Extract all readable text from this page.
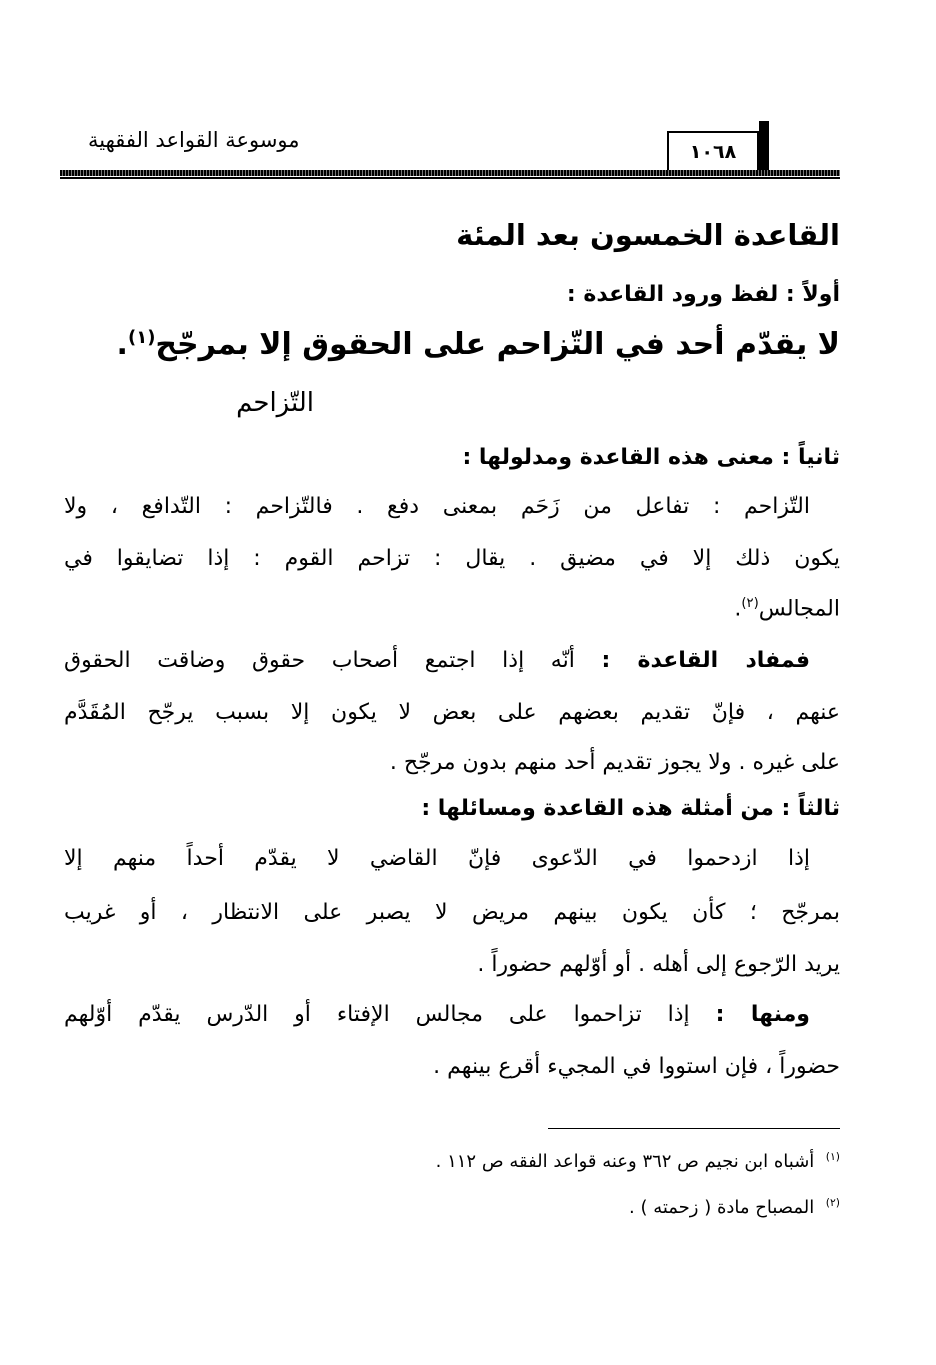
موسوعة القواعد الفقهية	١٠٦٨
القاعدة الخمسون بعد المئة
أولاً : لفظ ورود القاعدة :
لا يقدّم أحد في التّزاحم على الحقوق إلا بمرجّح$^{(١)}$.
التّزاحم
ثانياً : معنى هذه القاعدة ومدلولها :
التّزاحم : تفاعل من زَحَم بمعنى دفع . فالتّزاحم : التّدافع ، ولا
يكون ذلك إلا في مضيق . يقال : تزاحم القوم : إذا تضايقوا في
المجالس$^{(٢)}$.
فمفاد القاعدة : أنّه إذا اجتمع أصحاب حقوق وضاقت الحقوق
عنهم ، فإنّ تقديم بعضهم على بعض لا يكون إلا بسبب يرجّح المُقَدَّم
على غيره . ولا يجوز تقديم أحد منهم بدون مرجّح .
ثالثاً : من أمثلة هذه القاعدة ومسائلها :
إذا ازدحموا في الدّعوى فإنّ القاضي لا يقدّم أحداً منهم إلا
بمرجّح ؛ كأن يكون بينهم مريض لا يصبر على الانتظار ، أو غريب
يريد الرّجوع إلى أهله . أو أوّلهم حضوراً .
ومنها : إذا تزاحموا على مجالس الإفتاء أو الدّرس يقدّم أوّلهم
حضوراً ، فإن استووا في المجيء أقرع بينهم .
$^{(١)}$  أشباه ابن نجيم ص ٣٦٢ وعنه قواعد الفقه ص ١١٢ .
$^{(٢)}$  المصباح مادة ( زحمته ) .
